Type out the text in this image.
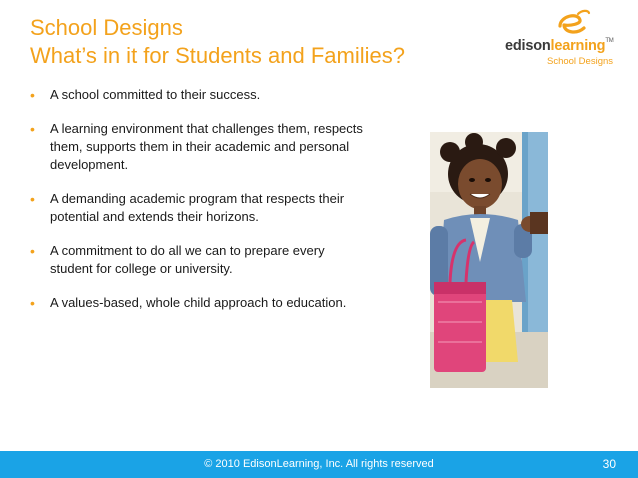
School Designs
What’s in it for Students and Families?	edisonlearning™
School Designs
• A school committed to their success.
• A learning environment that challenges them, respects them, supports them in their academic and personal development.
• A demanding academic program that respects their potential and extends their horizons.
• A commitment to do all we can to prepare every student for college or university.
• A values-based, whole child approach to education.
© 2010 EdisonLearning, Inc. All rights reserved	30
